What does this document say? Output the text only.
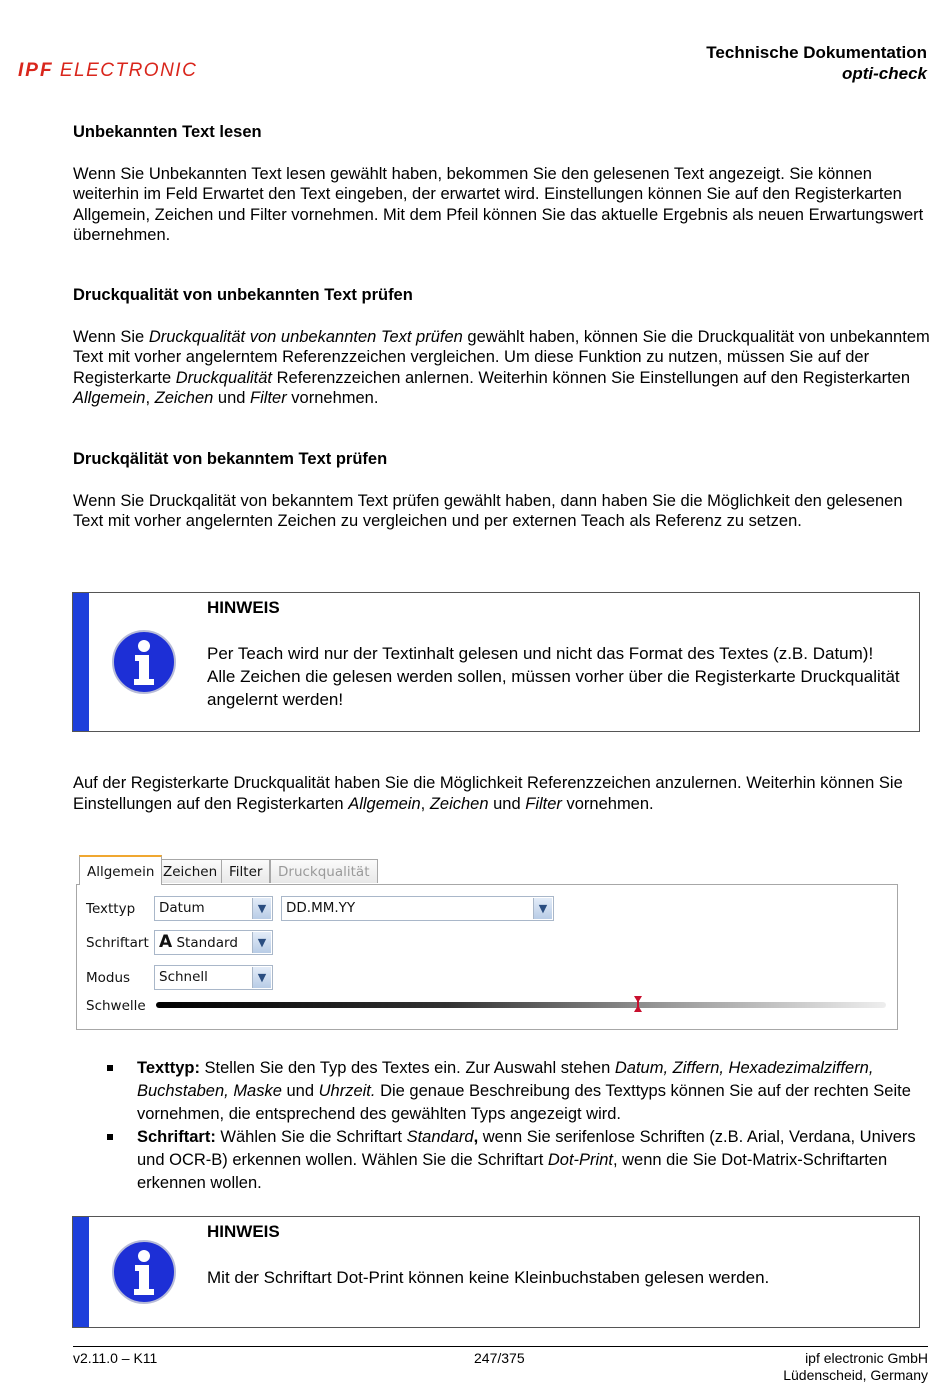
IPF ELECTRONIC
Technische Dokumentation
opti-check
Unbekannten Text lesen

Wenn Sie Unbekannten Text lesen gewählt haben, bekommen Sie den gelesenen Text angezeigt. Sie können weiterhin im Feld Erwartet den Text eingeben, der erwartet wird. Einstellungen können Sie auf den Registerkarten Allgemein, Zeichen und Filter vornehmen. Mit dem Pfeil können Sie das aktuelle Ergebnis als neuen Erwartungswert übernehmen.

Druckqualität von unbekannten Text prüfen

Wenn Sie Druckqualität von unbekannten Text prüfen gewählt haben, können Sie die Druckqualität von unbekanntem Text mit vorher angelerntem Referenzzeichen vergleichen. Um diese Funktion zu nutzen, müssen Sie auf der Registerkarte Druckqualität Referenzzeichen anlernen. Weiterhin können Sie Einstellungen auf den Registerkarten Allgemein, Zeichen und Filter vornehmen.

Druckqälität von bekanntem Text prüfen

Wenn Sie Druckqalität von bekanntem Text prüfen gewählt haben, dann haben Sie die Möglichkeit den gelesenen Text mit vorher angelernten Zeichen zu vergleichen und per externen Teach als Referenz zu setzen.

HINWEIS
Per Teach wird nur der Textinhalt gelesen und nicht das Format des Textes (z.B. Datum)!
Alle Zeichen die gelesen werden sollen, müssen vorher über die Registerkarte Druckqualität angelernt werden!

Auf der Registerkarte Druckqualität haben Sie die Möglichkeit Referenzzeichen anzulernen. Weiterhin können Sie Einstellungen auf den Registerkarten Allgemein, Zeichen und Filter vornehmen.

Allgemein Zeichen Filter	Druckqualität
Texttyp	Datum	▼	DD.MM.YY	▼
Schriftart A Standard	▼
Modus	Schnell	▼
Schwelle
Texttyp: Stellen Sie den Typ des Textes ein. Zur Auswahl stehen Datum, Ziffern, Hexadezimalziffern, Buchstaben, Maske und Uhrzeit. Die genaue Beschreibung des Texttyps können Sie auf der rechten Seite vornehmen, die entsprechend des gewählten Typs angezeigt wird.
Schriftart: Wählen Sie die Schriftart Standard, wenn Sie serifenlose Schriften (z.B. Arial, Verdana, Univers und OCR-B) erkennen wollen. Wählen Sie die Schriftart Dot-Print, wenn die Sie Dot-Matrix-Schriftarten erkennen wollen.
HINWEIS
Mit der Schriftart Dot-Print können keine Kleinbuchstaben gelesen werden.
v2.11.0 – K11	247/375	ipf electronic GmbH
Lüdenscheid, Germany
